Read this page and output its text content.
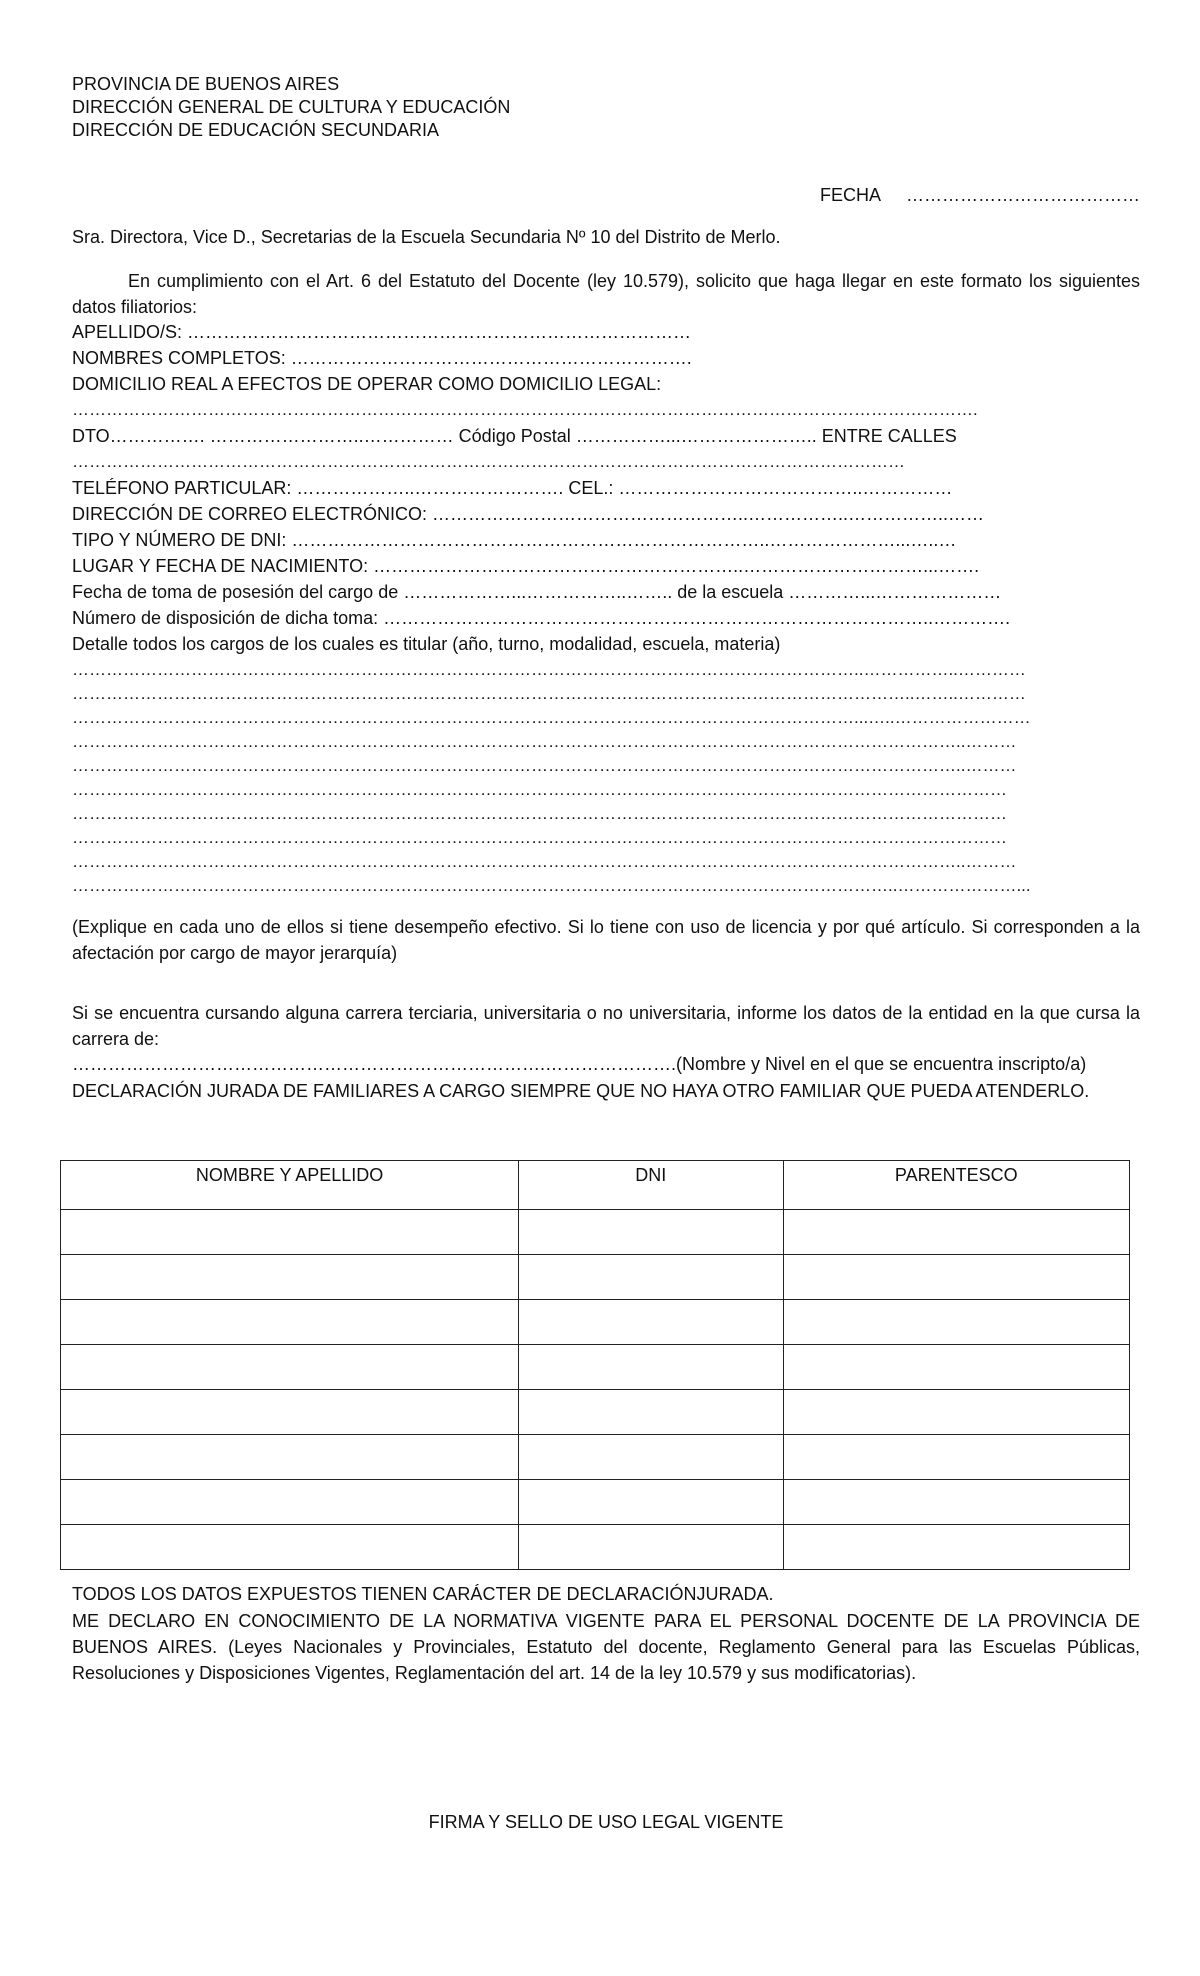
PROVINCIA DE BUENOS AIRES
DIRECCIÓN GENERAL DE CULTURA Y EDUCACIÓN
DIRECCIÓN DE EDUCACIÓN SECUNDARIA
FECHA …………………………………
Sra. Directora, Vice D., Secretarias de la Escuela Secundaria Nº 10 del Distrito de Merlo.
En cumplimiento con el Art. 6 del Estatuto del Docente (ley 10.579), solicito que haga llegar en este formato los siguientes datos filiatorios:
APELLIDO/S: …………………………………………………………………………
NOMBRES COMPLETOS: ………………………………………………………….
DOMICILIO REAL A EFECTOS DE OPERAR COMO DOMICILIO LEGAL:
…………………………………………………………………………………………………………………………………………….
DTO……………. ……………………..…………… Código Postal ……………...………………….. ENTRE CALLES
…………………………………………………………………………………………………………………………………
TELÉFONO PARTICULAR: ………………..……………………. CEL.: …………………………………..……………
DIRECCIÓN DE CORREO ELECTRÓNICO: ……………………………………………..……………..……………..……
TIPO Y NÚMERO DE DNI: ……………………………………………………………………..…………………...…..…
LUGAR Y FECHA DE NACIMIENTO: ……………………………………………………..…………………………...…….
Fecha de toma de posesión del cargo de ………………...……………..…….. de la escuela …………...…………………
Número de disposición de dicha toma: ………………………………………………………………………………..………….
Detalle todos los cargos de los cuales es titular (año, turno, modalidad, escuela, materia)
…………………………………………………………………………………………………………………………..……………..…………
…………………………………………………………………………………………………………………………………..……..…………
…………………………………………………………………………………………………………………………...…..……………………
…………………………………………………………………………………………………………………………………………..………
…………………………………………………………………………………………………………………………………………..………
…………………………………………………………………………………………………………………………………………………
…………………………………………………………………………………………………………………………………………………
…………………………………………………………………………………………………………………………………………………
…………………………………………………………………………………………………………………………………………..………
………………………………………………………………………………………………………………………………..…………………...
(Explique en cada uno de ellos si tiene desempeño efectivo. Si lo tiene con uso de licencia y por qué artículo. Si corresponden a la afectación por cargo de mayor jerarquía)
Si se encuentra cursando alguna carrera terciaria, universitaria o no universitaria, informe los datos de la entidad en la que cursa la carrera de:
…………………………………………………………………….………………….(Nombre y Nivel en el que se encuentra inscripto/a)
DECLARACIÓN JURADA DE FAMILIARES A CARGO SIEMPRE QUE NO HAYA OTRO FAMILIAR QUE PUEDA ATENDERLO.
NOMBRE Y APELLIDO	DNI	PARENTESCO

TODOS LOS DATOS EXPUESTOS TIENEN CARÁCTER DE DECLARACIÓNJURADA.
ME DECLARO EN CONOCIMIENTO DE LA NORMATIVA VIGENTE PARA EL PERSONAL DOCENTE DE LA PROVINCIA DE BUENOS AIRES. (Leyes Nacionales y Provinciales, Estatuto del docente, Reglamento General para las Escuelas Públicas, Resoluciones y Disposiciones Vigentes, Reglamentación del art. 14 de la ley 10.579 y sus modificatorias).
FIRMA Y SELLO DE USO LEGAL VIGENTE
